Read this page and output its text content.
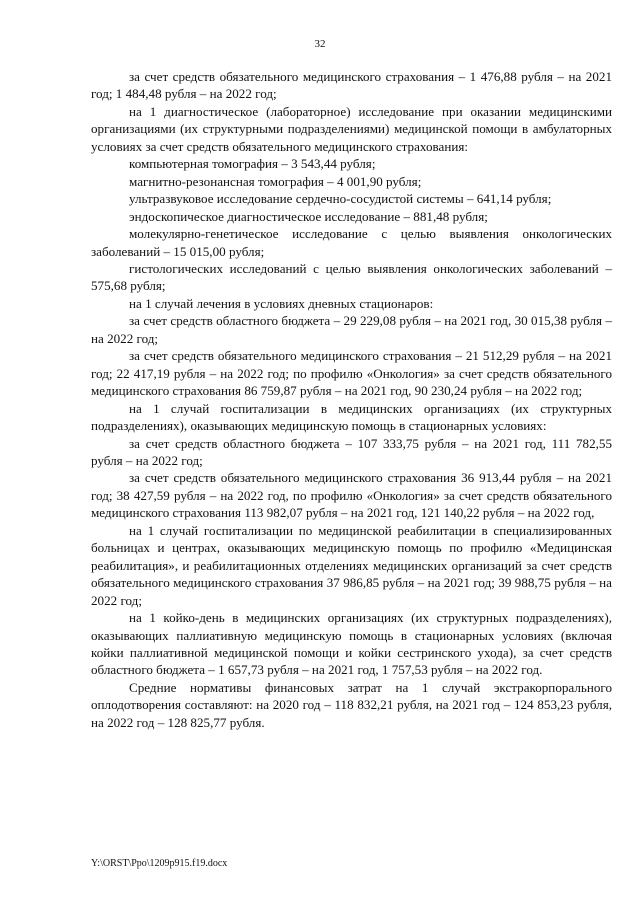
32

за счет средств обязательного медицинского страхования – 1 476,88 рубля – на 2021 год; 1 484,48 рубля – на 2022 год;

на 1 диагностическое (лабораторное) исследование при оказании медицинскими организациями (их структурными подразделениями) медицинской помощи в амбулаторных условиях за счет средств обязательного медицинского страхования:

компьютерная томография – 3 543,44 рубля;

магнитно-резонансная томография – 4 001,90 рубля;

ультразвуковое исследование сердечно-сосудистой системы – 641,14 рубля;

эндоскопическое диагностическое исследование – 881,48 рубля;

молекулярно-генетическое исследование с целью выявления онкологических заболеваний – 15 015,00 рубля;

гистологических исследований с целью выявления онкологических заболеваний – 575,68 рубля;

на 1 случай лечения в условиях дневных стационаров:

за счет средств областного бюджета – 29 229,08 рубля – на 2021 год, 30 015,38 рубля – на 2022 год;

за счет средств обязательного медицинского страхования – 21 512,29 рубля – на 2021 год; 22 417,19 рубля – на 2022 год; по профилю «Онкология» за счет средств обязательного медицинского страхования 86 759,87 рубля – на 2021 год, 90 230,24 рубля – на 2022 год;

на 1 случай госпитализации в медицинских организациях (их структурных подразделениях), оказывающих медицинскую помощь в стационарных условиях:

за счет средств областного бюджета – 107 333,75 рубля – на 2021 год, 111 782,55 рубля – на 2022 год;

за счет средств обязательного медицинского страхования 36 913,44 рубля – на 2021 год; 38 427,59 рубля – на 2022 год, по профилю «Онкология» за счет средств обязательного медицинского страхования 113 982,07 рубля – на 2021 год, 121 140,22 рубля – на 2022 год,

на 1 случай госпитализации по медицинской реабилитации в специализированных больницах и центрах, оказывающих медицинскую помощь по профилю «Медицинская реабилитация», и реабилитационных отделениях медицинских организаций за счет средств обязательного медицинского страхования 37 986,85 рубля – на 2021 год; 39 988,75 рубля – на 2022 год;

на 1 койко-день в медицинских организациях (их структурных подразделениях), оказывающих паллиативную медицинскую помощь в стационарных условиях (включая койки паллиативной медицинской помощи и койки сестринского ухода), за счет средств областного бюджета – 1 657,73 рубля – на 2021 год, 1 757,53 рубля – на 2022 год.

Средние нормативы финансовых затрат на 1 случай экстракорпорального оплодотворения составляют: на 2020 год – 118 832,21 рубля, на 2021 год – 124 853,23 рубля, на 2022 год – 128 825,77 рубля.

Y:\ORST\Ppo\1209p915.f19.docx
